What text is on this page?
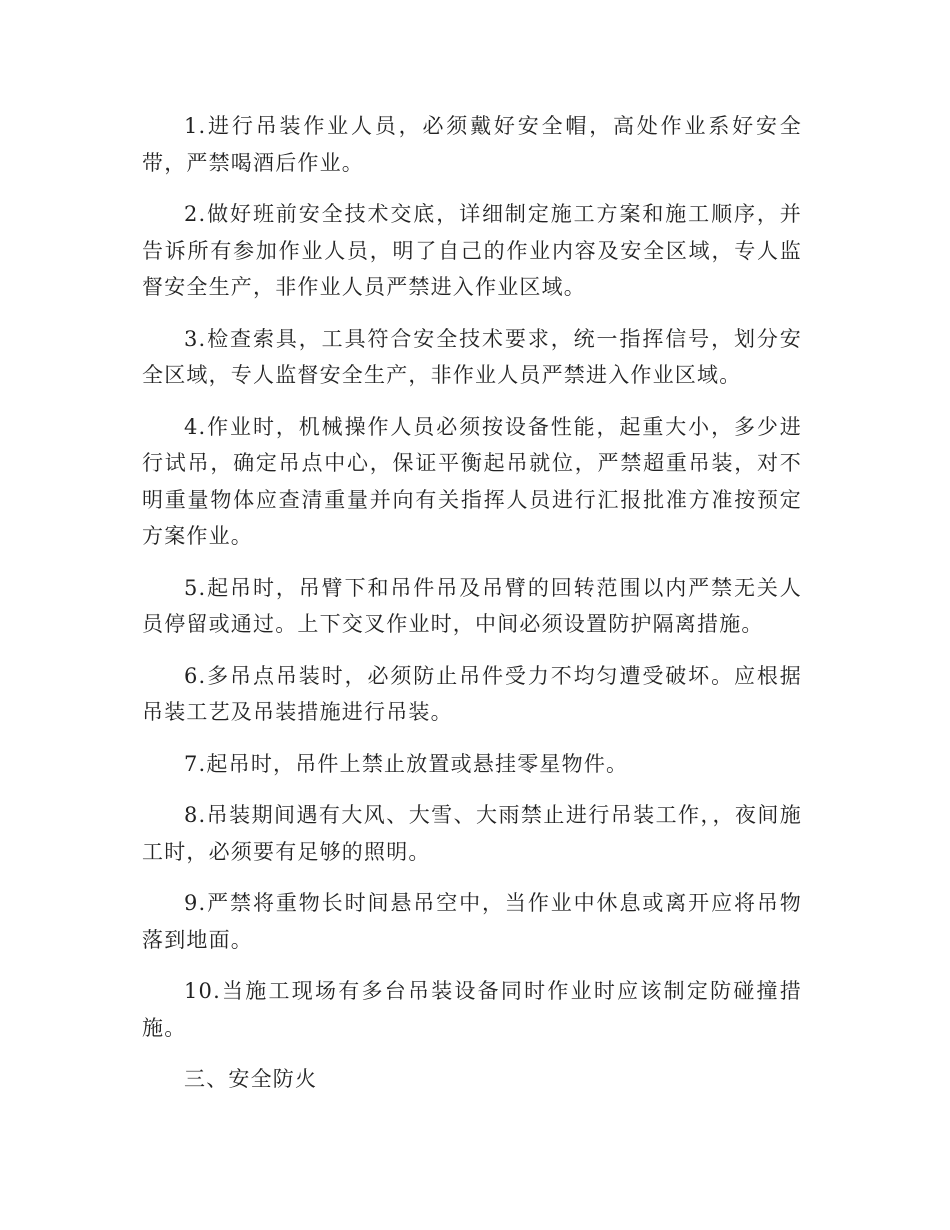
1.进行吊装作业人员，必须戴好安全帽，高处作业系好安全带，严禁喝酒后作业。

2.做好班前安全技术交底，详细制定施工方案和施工顺序，并告诉所有参加作业人员，明了自己的作业内容及安全区域，专人监督安全生产，非作业人员严禁进入作业区域。

3.检查索具，工具符合安全技术要求，统一指挥信号，划分安全区域，专人监督安全生产，非作业人员严禁进入作业区域。

4.作业时，机械操作人员必须按设备性能，起重大小，多少进行试吊，确定吊点中心，保证平衡起吊就位，严禁超重吊装，对不明重量物体应查清重量并向有关指挥人员进行汇报批准方准按预定方案作业。

5.起吊时，吊臂下和吊件吊及吊臂的回转范围以内严禁无关人员停留或通过。上下交叉作业时，中间必须设置防护隔离措施。

6.多吊点吊装时，必须防止吊件受力不均匀遭受破坏。应根据吊装工艺及吊装措施进行吊装。

7.起吊时，吊件上禁止放置或悬挂零星物件。

8.吊装期间遇有大风、大雪、大雨禁止进行吊装工作，，夜间施工时，必须要有足够的照明。

9.严禁将重物长时间悬吊空中，当作业中休息或离开应将吊物落到地面。

10.当施工现场有多台吊装设备同时作业时应该制定防碰撞措施。

三、安全防火
